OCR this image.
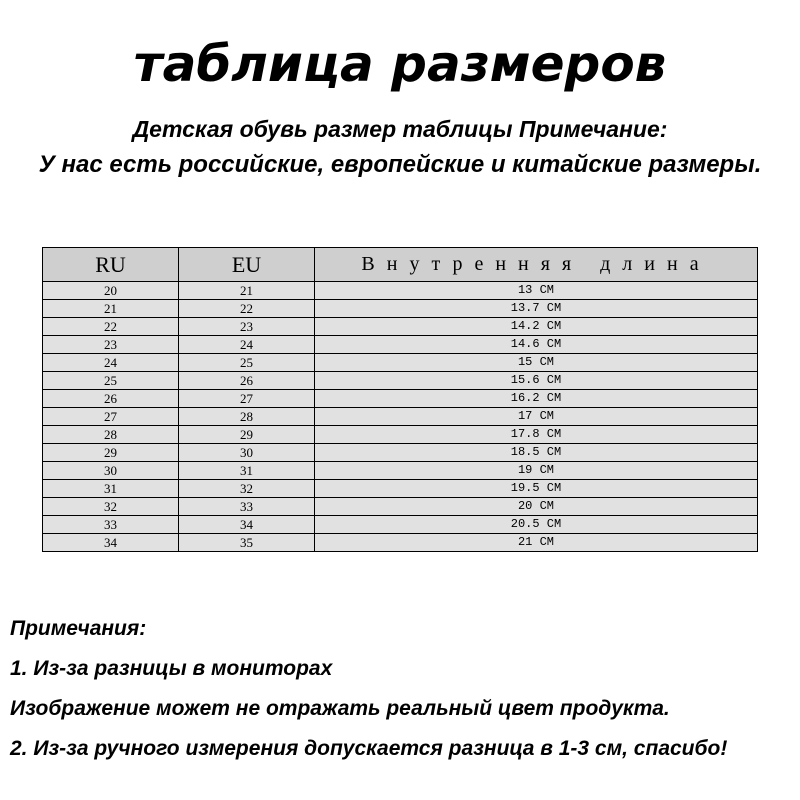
таблица размеров

Детская обувь размер таблицы Примечание:

У нас есть российские, европейские и китайские размеры.

RU	EU	Внутренняя длина
20	21	13 CM
21	22	13.7 CM
22	23	14.2 CM
23	24	14.6 CM
24	25	15 CM
25	26	15.6 CM
26	27	16.2 CM
27	28	17 CM
28	29	17.8 CM
29	30	18.5 CM
30	31	19 CM
31	32	19.5 CM
32	33	20 CM
33	34	20.5 CM
34	35	21 CM

Примечания:

1. Из-за разницы в мониторах

Изображение может не отражать реальный цвет продукта.

2. Из-за ручного измерения допускается разница в 1-3 см, спасибо!
